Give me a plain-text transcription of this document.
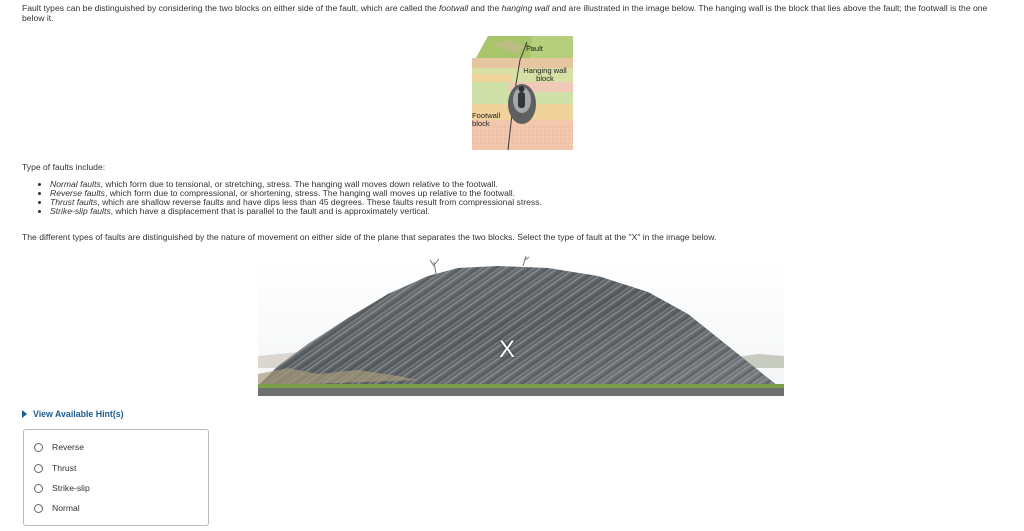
Fault types can be distinguished by considering the two blocks on either side of the fault, which are called the footwall and the hanging wall and are illustrated in the image below. The hanging wall is the block that lies above the fault; the footwall is the one below it.

Fault
Hanging wall block
Footwall block
Type of faults include:
Normal faults, which form due to tensional, or stretching, stress. The hanging wall moves down relative to the footwall.
Reverse faults, which form due to compressional, or shortening, stress. The hanging wall moves up relative to the footwall.
Thrust faults, which are shallow reverse faults and have dips less than 45 degrees. These faults result from compressional stress.
Strike-slip faults, which have a displacement that is parallel to the fault and is approximately vertical.
The different types of faults are distinguished by the nature of movement on either side of the plane that separates the two blocks. Select the type of fault at the "X" in the image below.
X
View Available Hint(s)
Reverse
Thrust
Strike-slip
Normal
